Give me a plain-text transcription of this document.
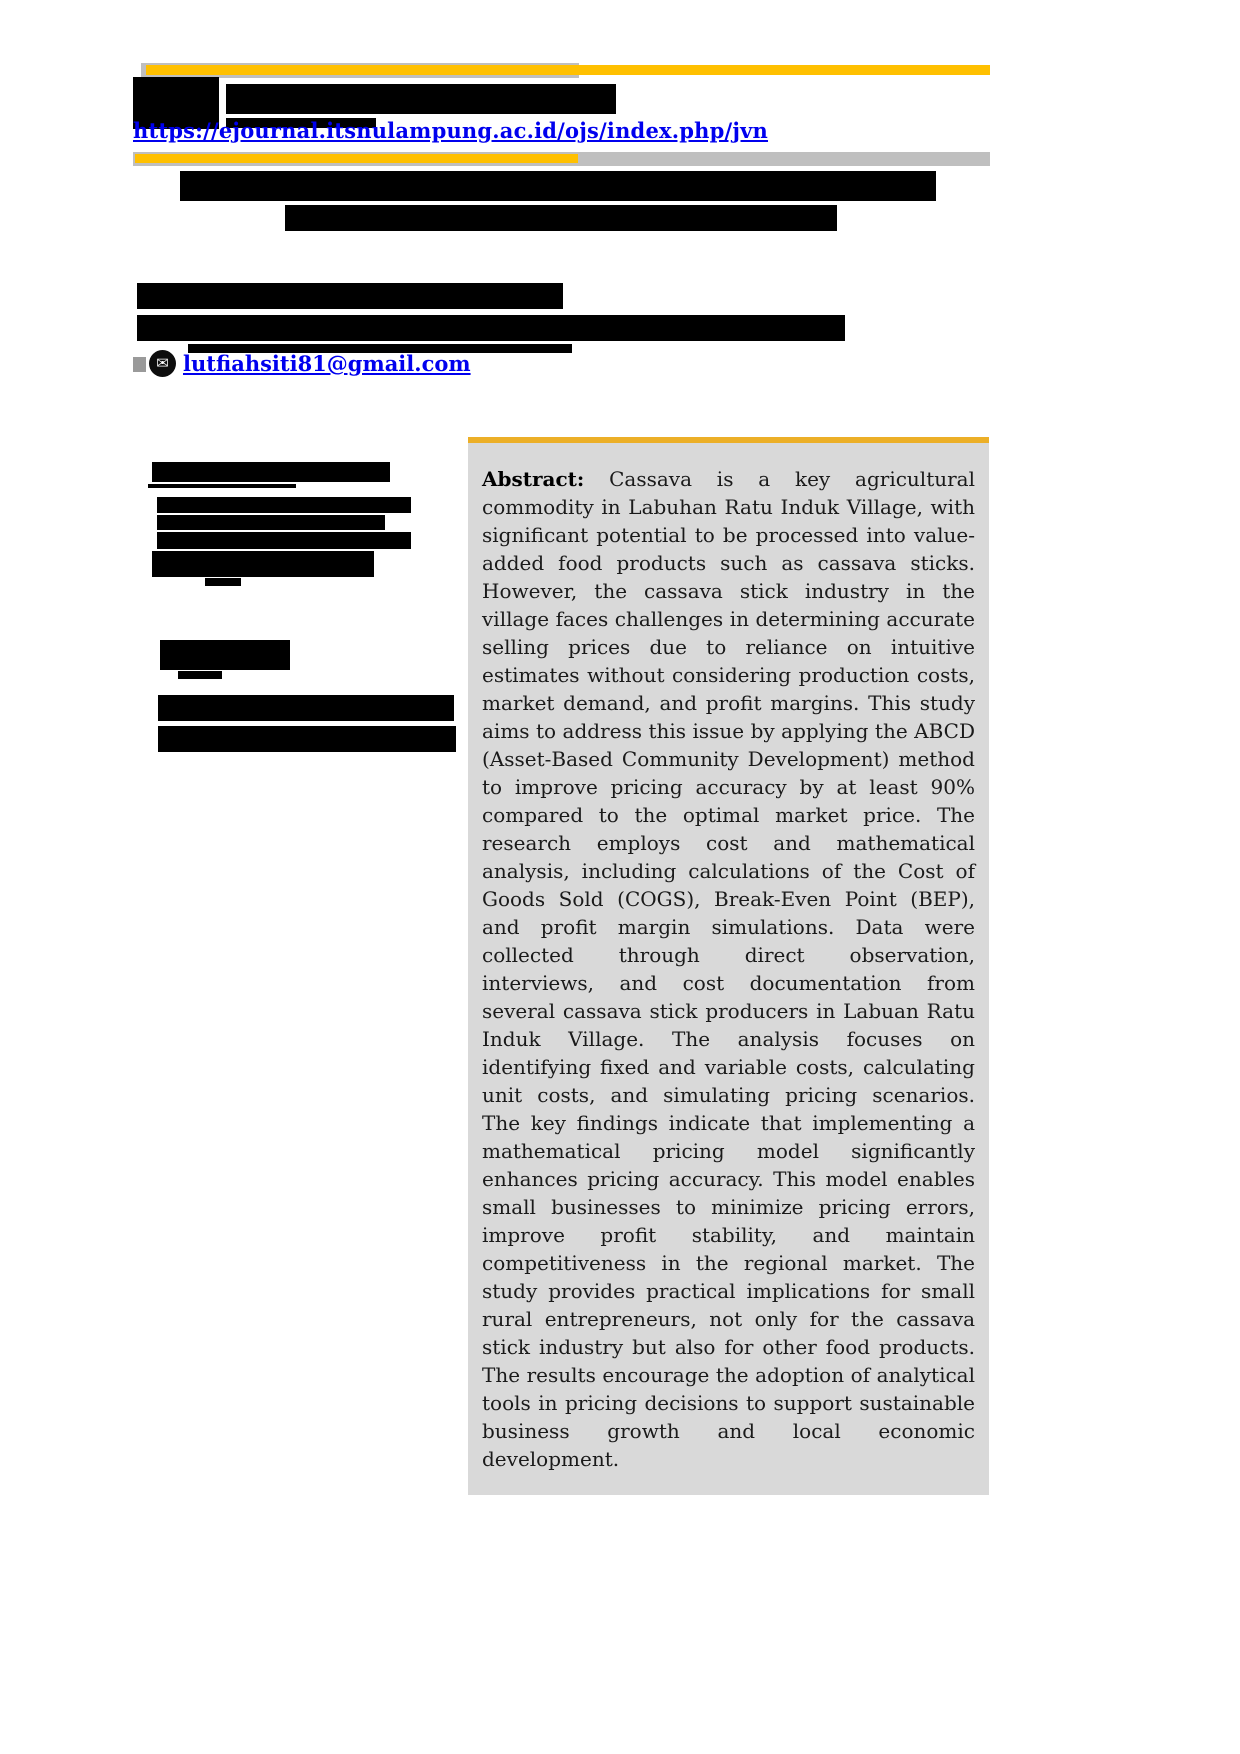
https://ejournal.itsnulampung.ac.id/ojs/index.php/jvn
✉ lutfiahsiti81@gmail.com
Abstract: Cassava is a key agricultural commodity in Labuhan Ratu Induk Village, with significant potential to be processed into value-added food products such as cassava sticks. However, the cassava stick industry in the village faces challenges in determining accurate selling prices due to reliance on intuitive estimates without considering production costs, market demand, and profit margins. This study aims to address this issue by applying the ABCD (Asset-Based Community Development) method to improve pricing accuracy by at least 90% compared to the optimal market price. The research employs cost and mathematical analysis, including calculations of the Cost of Goods Sold (COGS), Break-Even Point (BEP), and profit margin simulations. Data were collected through direct observation, interviews, and cost documentation from several cassava stick producers in Labuan Ratu Induk Village. The analysis focuses on identifying fixed and variable costs, calculating unit costs, and simulating pricing scenarios. The key findings indicate that implementing a mathematical pricing model significantly enhances pricing accuracy. This model enables small businesses to minimize pricing errors, improve profit stability, and maintain competitiveness in the regional market. The study provides practical implications for small rural entrepreneurs, not only for the cassava stick industry but also for other food products. The results encourage the adoption of analytical tools in pricing decisions to support sustainable business growth and local economic development.
